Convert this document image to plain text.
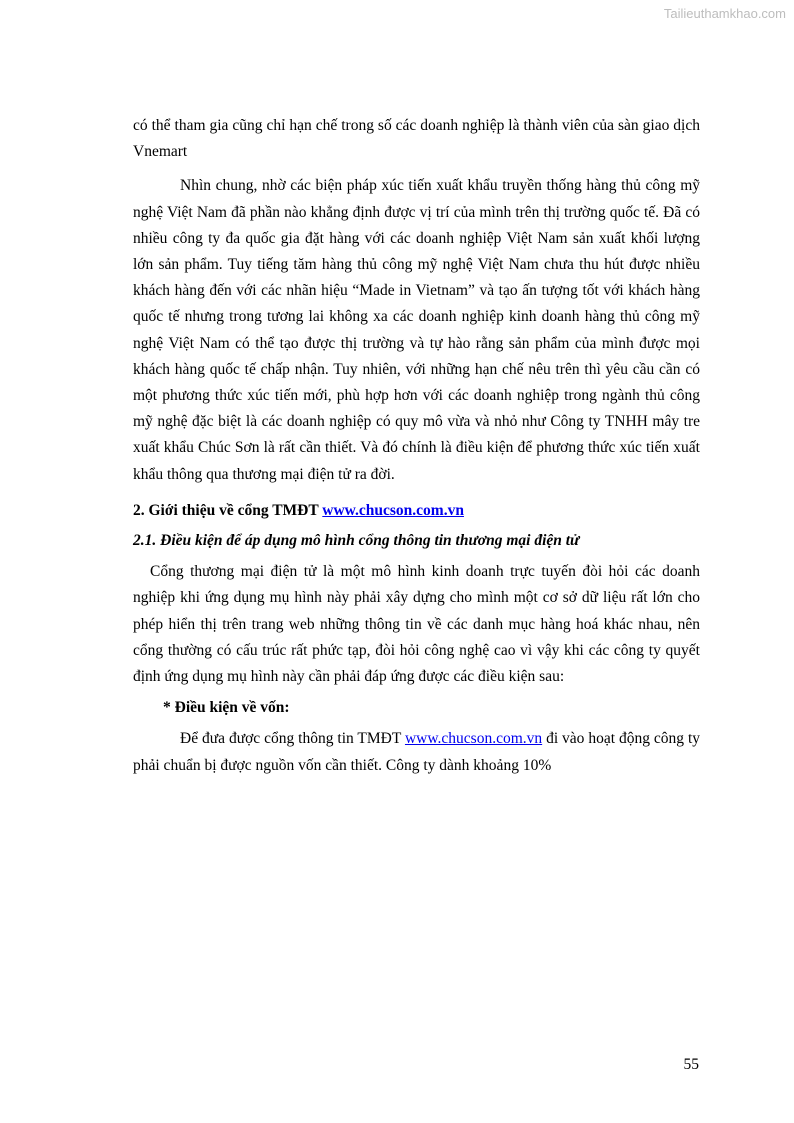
Tailieuthamkhao.com

có thể tham gia cũng chỉ hạn chế trong số các doanh nghiệp là thành viên của sàn giao dịch Vnemart

Nhìn chung, nhờ các biện pháp xúc tiến xuất khẩu truyền thống hàng thủ công mỹ nghệ Việt Nam đã phần nào khẳng định được vị trí của mình trên thị trường quốc tế. Đã có nhiều công ty đa quốc gia đặt hàng với các doanh nghiệp Việt Nam sản xuất khối lượng lớn sản phẩm. Tuy tiếng tăm hàng thủ công mỹ nghệ Việt Nam chưa thu hút được nhiều khách hàng đến với các nhãn hiệu “Made in Vietnam” và tạo ấn tượng tốt với khách hàng quốc tế nhưng trong tương lai không xa các doanh nghiệp kinh doanh hàng thủ công mỹ nghệ Việt Nam có thể tạo được thị trường và tự hào rằng sản phẩm của mình được mọi khách hàng quốc tế chấp nhận. Tuy nhiên, với những hạn chế nêu trên thì yêu cầu cần có một phương thức xúc tiến mới, phù hợp hơn với các doanh nghiệp trong ngành thủ công mỹ nghệ đặc biệt là các doanh nghiệp có quy mô vừa và nhỏ như Công ty TNHH mây tre xuất khẩu Chúc Sơn là rất cần thiết. Và đó chính là điều kiện để phương thức xúc tiến xuất khẩu thông qua thương mại điện tử ra đời.

2. Giới thiệu về cổng TMĐT www.chucson.com.vn

2.1. Điều kiện để áp dụng mô hình cổng thông tin thương mại điện tử

Cổng thương mại điện tử là một mô hình kinh doanh trực tuyến đòi hỏi các doanh nghiệp khi ứng dụng mụ hình này phải xây dựng cho mình một cơ sở dữ liệu rất lớn cho phép hiển thị trên trang web những thông tin về các danh mục hàng hoá khác nhau, nên cổng thường có cấu trúc rất phức tạp, đòi hỏi công nghệ cao vì vậy khi các công ty quyết định ứng dụng mụ hình này cần phải đáp ứng được các điều kiện sau:

* Điều kiện về vốn:

Để đưa được cổng thông tin TMĐT www.chucson.com.vn đi vào hoạt động công ty phải chuẩn bị được nguồn vốn cần thiết. Công ty dành khoảng 10%

55
